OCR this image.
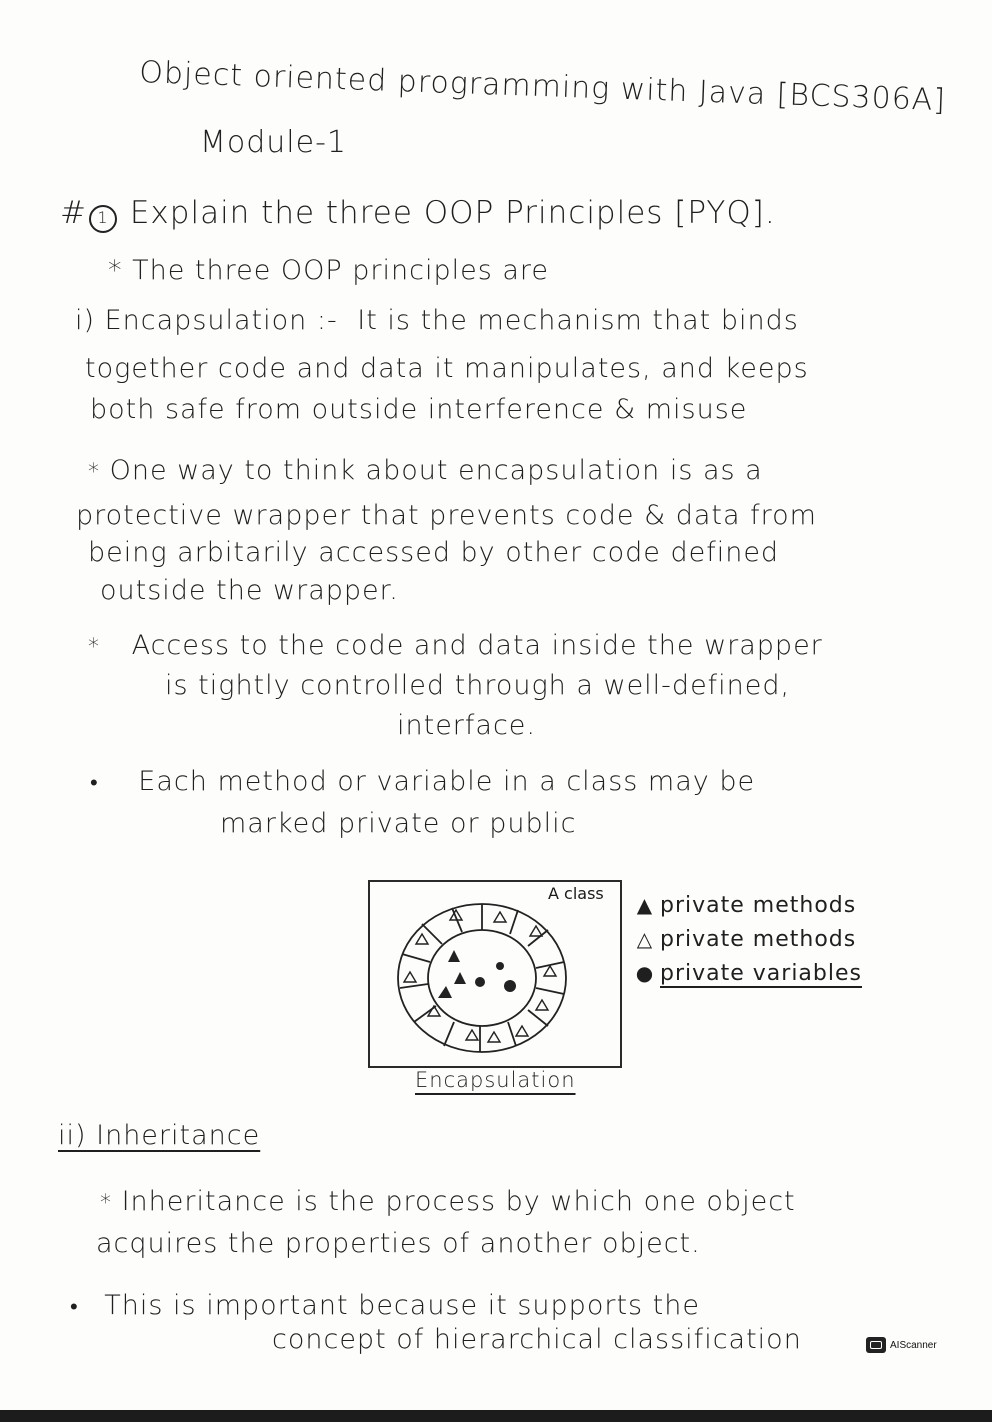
Object oriented programming with Java [BCS306A]
Module-1
# 1 Explain the three OOP Principles [PYQ].
* The three OOP principles are
i) Encapsulation :- It is the mechanism that binds
together code and data it manipulates, and keeps
both safe from outside interference & misuse
* One way to think about encapsulation is as a
protective wrapper that prevents code & data from
being arbitarily accessed by other code defined
outside the wrapper.
* Access to the code and data inside the wrapper
is tightly controlled through a well-defined,
interface.
• Each method or variable in a class may be
marked private or public
A class
Encapsulation
▲ private methods
△ private methods
● private variables
ii) Inheritance
* Inheritance is the process by which one object
acquires the properties of another object.
• This is important because it supports the
concept of hierarchical classification	AIScanner
